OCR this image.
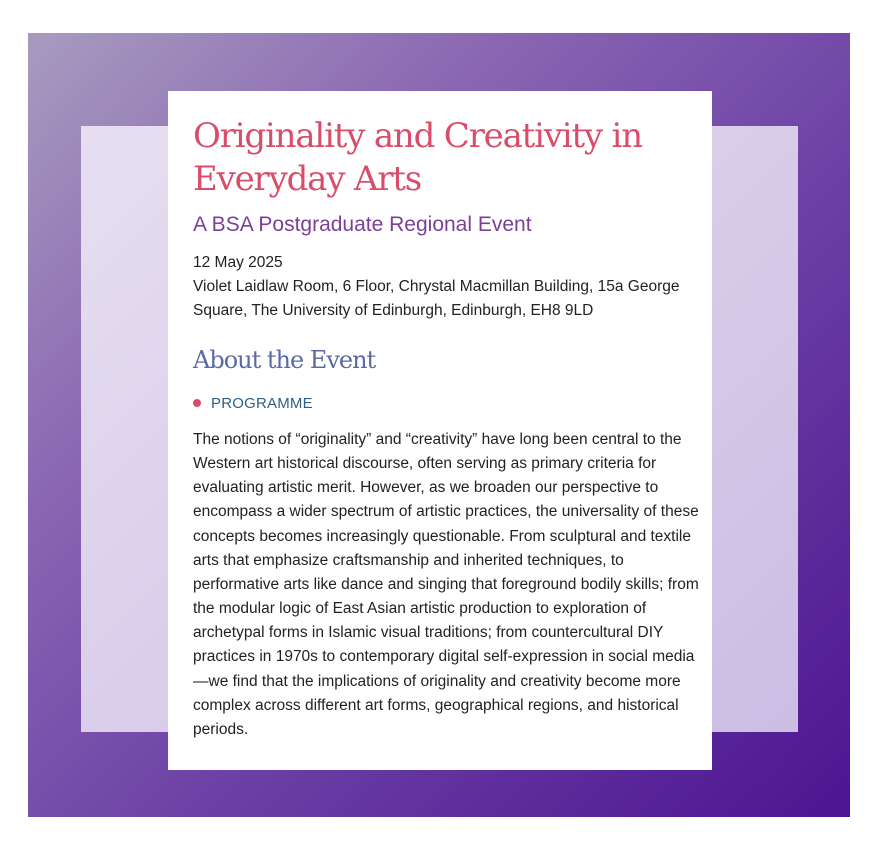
Originality and Creativity in Everyday Arts
A BSA Postgraduate Regional Event

12 May 2025

Violet Laidlaw Room, 6 Floor, Chrystal Macmillan Building, 15a George Square, The University of Edinburgh, Edinburgh, EH8 9LD

About the Event
PROGRAMME

The notions of “originality” and “creativity” have long been central to the Western art historical discourse, often serving as primary criteria for evaluating artistic merit. However, as we broaden our perspective to encompass a wider spectrum of artistic practices, the universality of these concepts becomes increasingly questionable. From sculptural and textile arts that emphasize craftsmanship and inherited techniques, to performative arts like dance and singing that foreground bodily skills; from the modular logic of East Asian artistic production to exploration of archetypal forms in Islamic visual traditions; from countercultural DIY practices in 1970s to contemporary digital self-expression in social media —we find that the implications of originality and creativity become more complex across different art forms, geographical regions, and historical periods.
